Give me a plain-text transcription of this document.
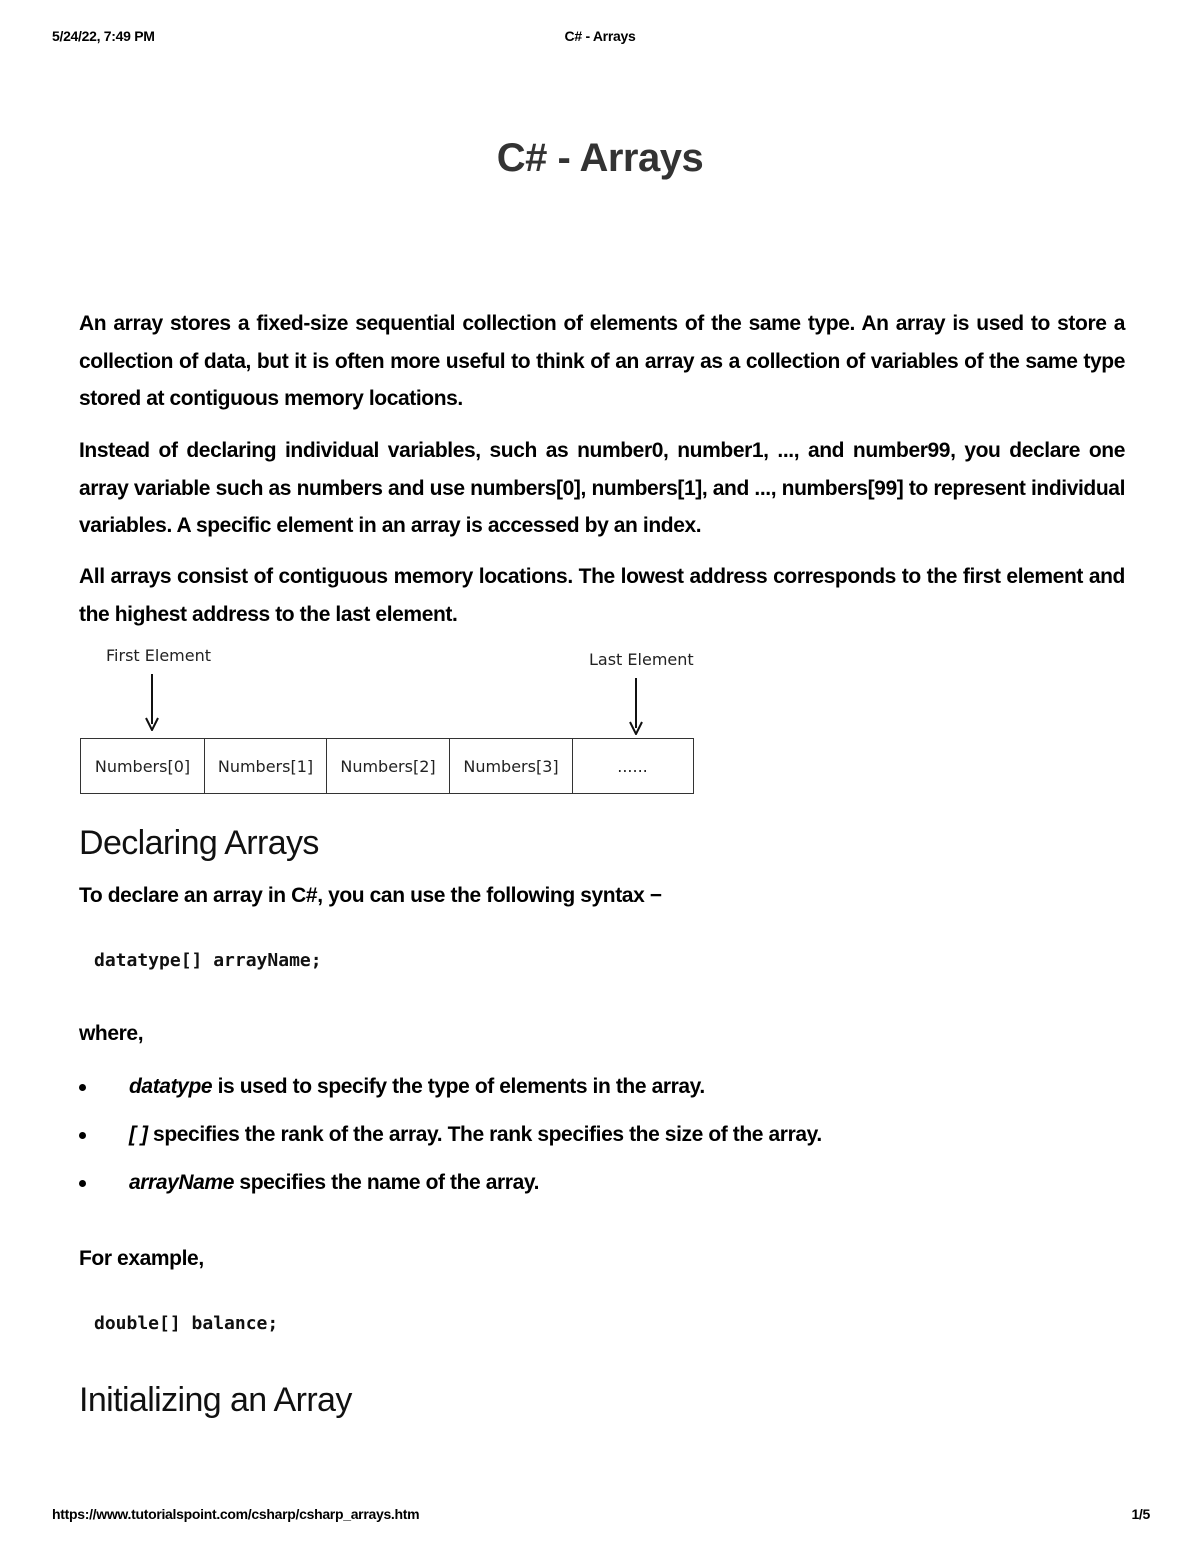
5/24/22, 7:49 PM	C# - Arrays
C# - Arrays

An array stores a fixed-size sequential collection of elements of the same type. An array is used to store a collection of data, but it is often more useful to think of an array as a collection of variables of the same type stored at contiguous memory locations.

Instead of declaring individual variables, such as number0, number1, ..., and number99, you declare one array variable such as numbers and use numbers[0], numbers[1], and ..., numbers[99] to represent individual variables. A specific element in an array is accessed by an index.

All arrays consist of contiguous memory locations. The lowest address corresponds to the first element and the highest address to the last element.

First Element	Last Element
Numbers[0]	Numbers[1]	Numbers[2]	Numbers[3]	......
Declaring Arrays

To declare an array in C#, you can use the following syntax −

datatype[] arrayName;

where,

datatype is used to specify the type of elements in the array.
[ ] specifies the rank of the array. The rank specifies the size of the array.
arrayName specifies the name of the array.

For example,

double[] balance;
Initializing an Array
https://www.tutorialspoint.com/csharp/csharp_arrays.htm	1/5
